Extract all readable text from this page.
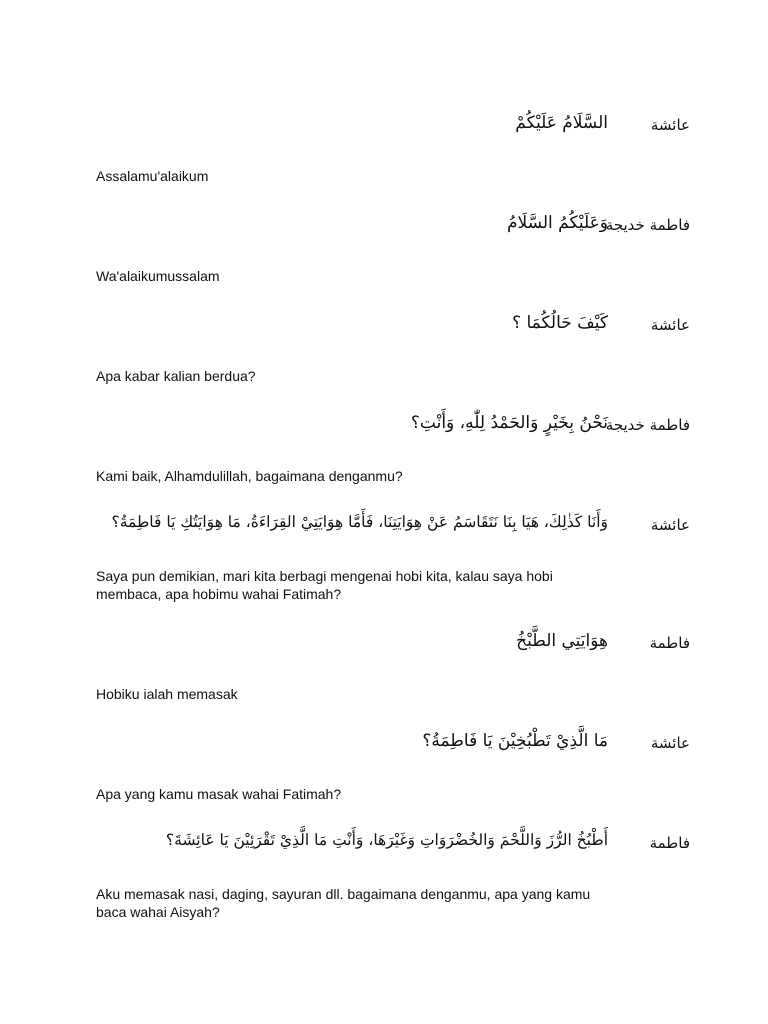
عائشة
السَّلَامُ عَلَيْكُمْ
Assalamu'alaikum
فاطمة خديجة
وَعَلَيْكُمُ السَّلَامُ
Wa'alaikumussalam
عائشة
كَيْفَ حَالُكُمَا ؟
Apa kabar kalian berdua?
فاطمة خديجة
نَحْنُ بِخَيْرٍ وَالحَمْدُ لِلّٰهِ، وَأَنْتِ؟
Kami baik, Alhamdulillah, bagaimana denganmu?
عائشة
وَأَنَا كَذٰلِكَ، هَيَا بِنَا نَتَقَاسَمُ عَنْ هِوَايَتِنَا، فَأَمَّا هِوَايَتِيْ القِرَاءَةُ، مَا هِوَايَتُكِ يَا فَاطِمَةُ؟
Saya pun demikian, mari kita berbagi mengenai hobi kita, kalau saya hobi membaca, apa hobimu wahai Fatimah?
فاطمة
هِوَايَتِي الطَّبْخُ
Hobiku ialah memasak
عائشة
مَا الَّذِيْ تَطْبُخِيْنَ يَا فَاطِمَةُ؟
Apa yang kamu masak wahai Fatimah?
فاطمة
أَطْبُخُ الرُّزَ وَاللَّحْمَ وَالخُضْرَوَاتِ وَغَيْرَهَا، وَأَنْتِ مَا الَّذِيْ تَقْرَئِيْنَ يَا عَائِشَةَ؟
Aku memasak nasi, daging, sayuran dll. bagaimana denganmu, apa yang kamu baca wahai Aisyah?
